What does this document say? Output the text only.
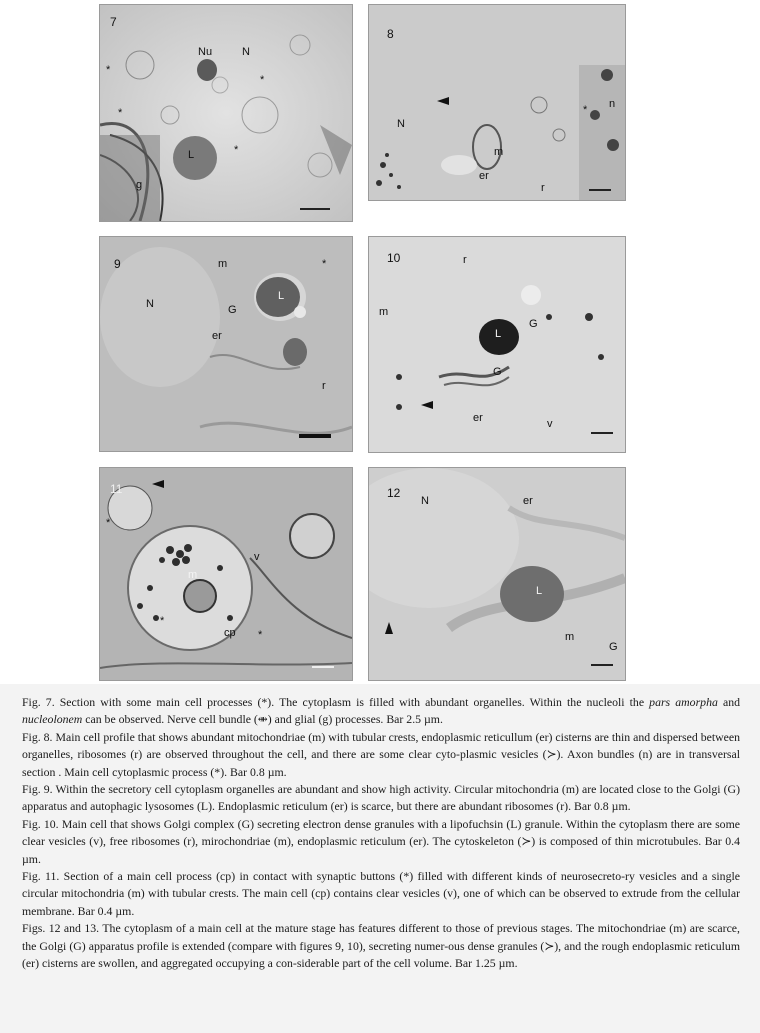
7
Nu	N
L
g
*
*
*
*
8
N
n
m
er
r
*
9	m
N	G
L
er
r
*	10	r
m
L
G
G
er	v
11
m
v
cp
*
*
*
12
N	er
L
m
G

Fig. 7. Section with some main cell processes (*). The cytoplasm is filled with abundant organelles. Within the nucleoli the pars amorpha and nucleolonem can be observed. Nerve cell bundle (⇼) and glial (g) processes. Bar 2.5 µm.

Fig. 8. Main cell profile that shows abundant mitochondriae (m) with tubular crests, endoplasmic reticullum (er) cisterns are thin and dispersed between organelles, ribosomes (r) are observed throughout the cell, and there are some clear cyto-plasmic vesicles (≻). Axon bundles (n) are in transversal section . Main cell cytoplasmic process (*). Bar 0.8 µm.

Fig. 9. Within the secretory cell cytoplasm organelles are abundant and show high activity. Circular mitochondria (m) are located close to the Golgi (G) apparatus and autophagic lysosomes (L). Endoplasmic reticulum (er) is scarce, but there are abundant ribosomes (r). Bar 0.8 µm.

Fig. 10. Main cell that shows Golgi complex (G) secreting electron dense granules with a lipofuchsin (L) granule. Within the cytoplasm there are some clear vesicles (v), free ribosomes (r), mirochondriae (m), endoplasmic reticulum (er). The cytoskeleton (≻) is composed of thin microtubules. Bar 0.4 µm.

Fig. 11. Section of a main cell process (cp) in contact with synaptic buttons (*) filled with different kinds of neurosecreto-ry vesicles and a single circular mitochondria (m) with tubular crests. The main cell (cp) contains clear vesicles (v), one of which can be observed to extrude from the cellular membrane. Bar 0.4 µm.

Figs. 12 and 13. The cytoplasm of a main cell at the mature stage has features different to those of previous stages. The mitochondriae (m) are scarce, the Golgi (G) apparatus profile is extended (compare with figures 9, 10), secreting numer-ous dense granules (≻), and the rough endoplasmic reticulum (er) cisterns are swollen, and aggregated occupying a con-siderable part of the cell volume. Bar 1.25 µm.
